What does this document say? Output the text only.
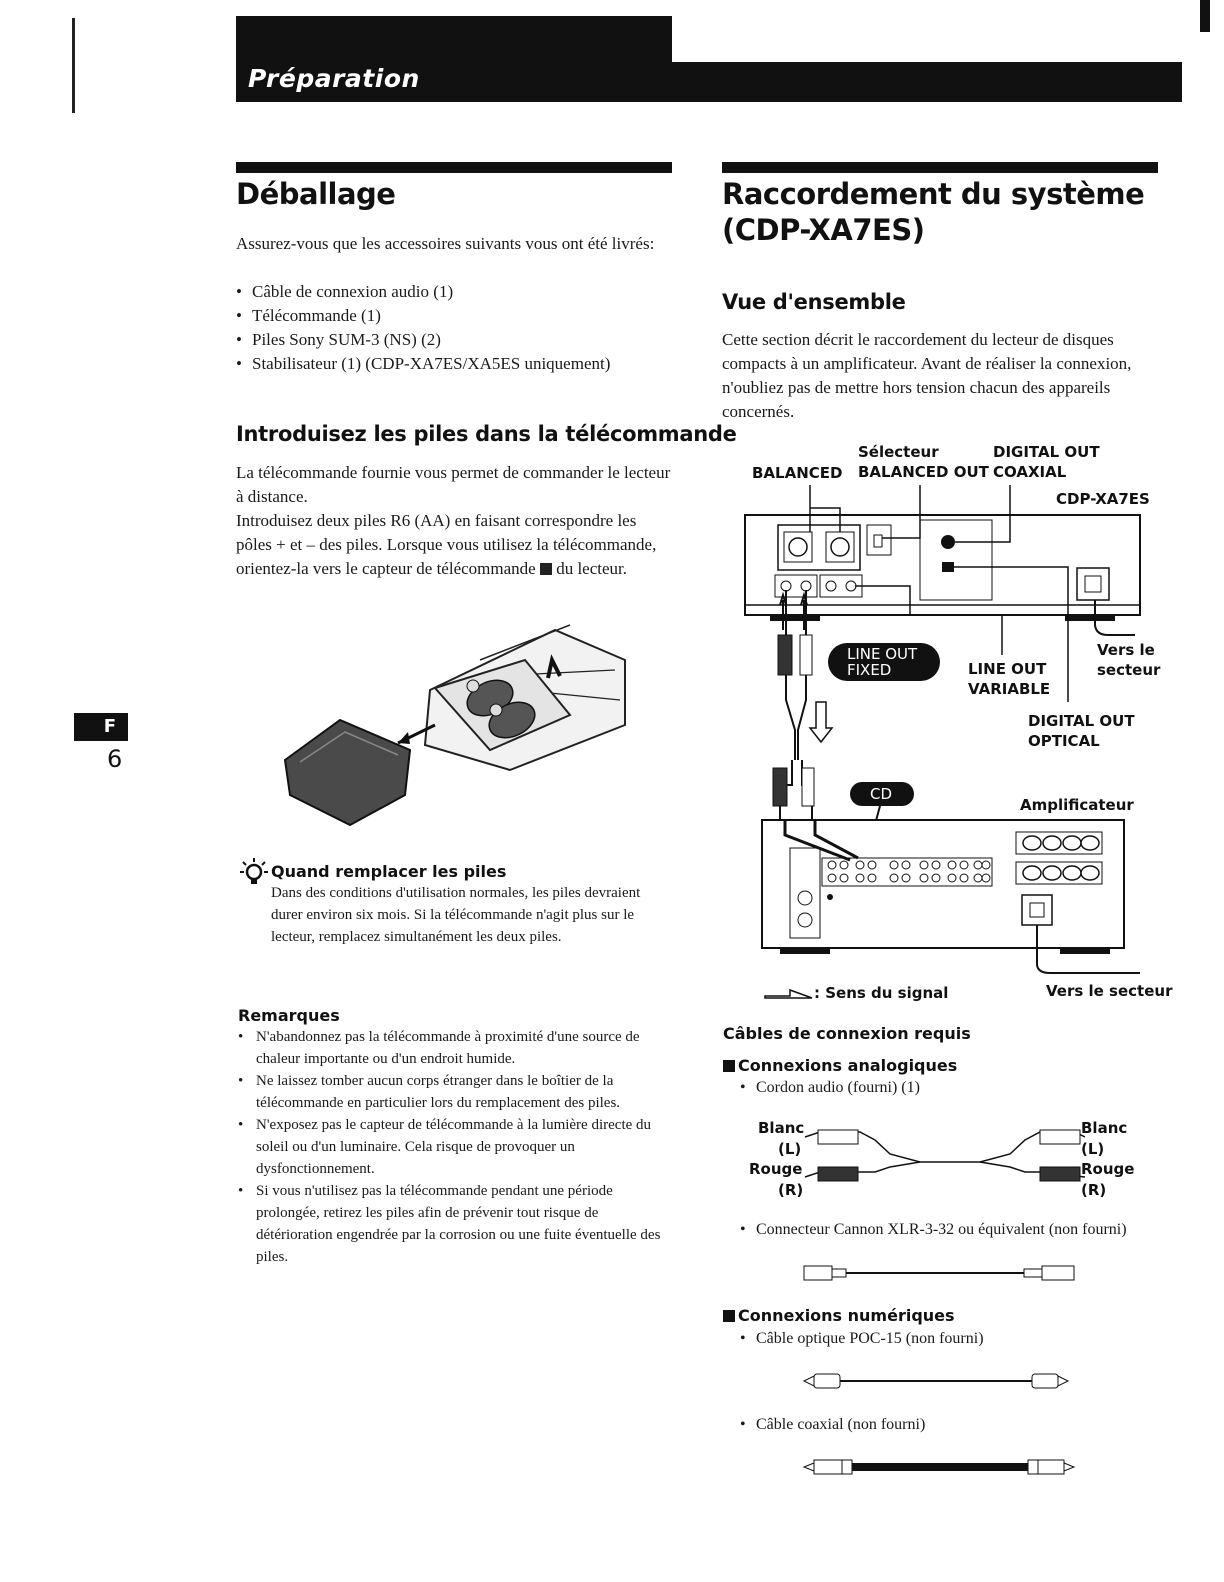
Préparation
F
6
Déballage
Assurez-vous que les accessoires suivants vous ont été livrés:
• Câble de connexion audio (1)
• Télécommande (1)
• Piles Sony SUM-3 (NS) (2)
• Stabilisateur (1) (CDP-XA7ES/XA5ES uniquement)
Introduisez les piles dans la télécommande
La télécommande fournie vous permet de commander le lecteur à distance.
Introduisez deux piles R6 (AA) en faisant correspondre les pôles + et – des piles. Lorsque vous utilisez la télécommande, orientez-la vers le capteur de télécommande du lecteur.
Quand remplacer les piles
Dans des conditions d'utilisation normales, les piles devraient durer environ six mois. Si la télécommande n'agit plus sur le lecteur, remplacez simultanément les deux piles.
Remarques
• N'abandonnez pas la télécommande à proximité d'une source de chaleur importante ou d'un endroit humide.
• Ne laissez tomber aucun corps étranger dans le boîtier de la télécommande en particulier lors du remplacement des piles.
• N'exposez pas le capteur de télécommande à la lumière directe du soleil ou d'un luminaire. Cela risque de provoquer un dysfonctionnement.
• Si vous n'utilisez pas la télécommande pendant une période prolongée, retirez les piles afin de prévenir tout risque de détérioration engendrée par la corrosion ou une fuite éventuelle des piles.
Raccordement du système
(CDP-XA7ES)
Vue d'ensemble
Cette section décrit le raccordement du lecteur de disques compacts à un amplificateur. Avant de réaliser la connexion, n'oubliez pas de mettre hors tension chacun des appareils concernés.
Sélecteur
BALANCED BALANCED OUT
DIGITAL OUT
COAXIAL
CDP-XA7ES
LINE OUT
FIXED	LINE OUT
VARIABLE
Vers le
secteur
DIGITAL OUT
OPTICAL
CD
Amplificateur
: Sens du signal	Vers le secteur
Câbles de connexion requis
Connexions analogiques
• Cordon audio (fourni) (1)
Blanc
(L)
Rouge
(R)
Blanc
(L)
Rouge
(R)
• Connecteur Cannon XLR-3-32 ou équivalent (non fourni)
Connexions numériques
• Câble optique POC-15 (non fourni)
• Câble coaxial (non fourni)
